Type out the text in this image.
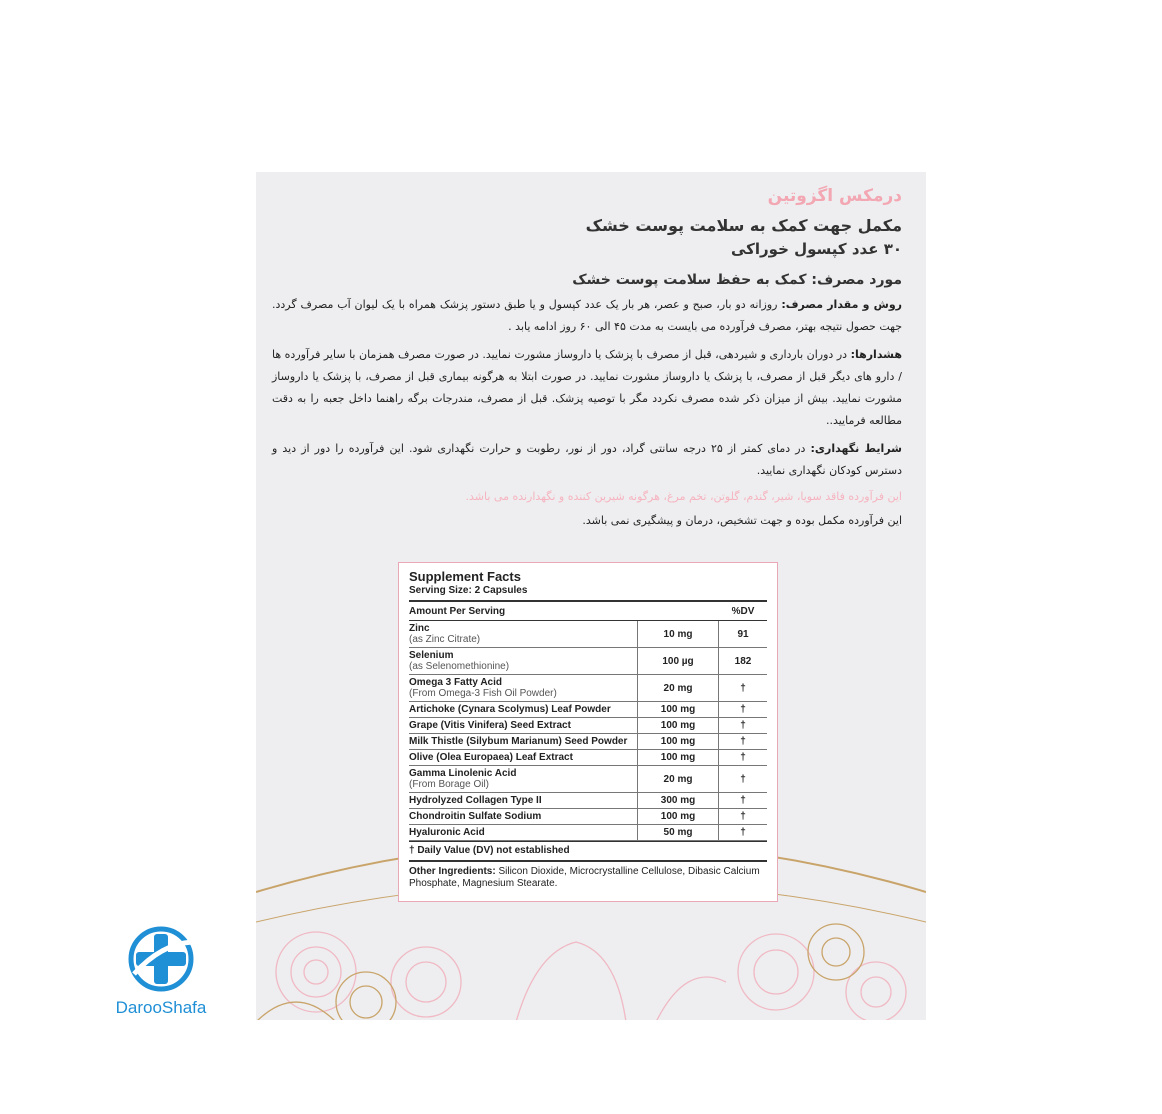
درمکس اگزوتین
مکمل جهت کمک به سلامت پوست خشک
۳۰ عدد کپسول خوراکی
مورد مصرف: کمک به حفظ سلامت پوست خشک
روش و مقدار مصرف: روزانه دو بار، صبح و عصر، هر بار یک عدد کپسول و یا طبق دستور پزشک همراه با یک لیوان آب مصرف گردد. جهت حصول نتیجه بهتر، مصرف فرآورده می بایست به مدت ۴۵ الی ۶۰ روز ادامه یابد .
هشدارها: در دوران بارداری و شیردهی، قبل از مصرف با پزشک یا داروساز مشورت نمایید. در صورت مصرف همزمان با سایر فرآورده ها / دارو های دیگر قبل از مصرف، با پزشک یا داروساز مشورت نمایید. در صورت ابتلا به هرگونه بیماری قبل از مصرف، با پزشک یا داروساز مشورت نمایید. بیش از میزان ذکر شده مصرف نکردد مگر با توصیه پزشک. قبل از مصرف، مندرجات برگه راهنما داخل جعبه را به دقت مطالعه فرمایید..
شرایط نگهداری: در دمای کمتر از ۲۵ درجه سانتی گراد، دور از نور، رطوبت و حرارت نگهداری شود. این فرآورده را دور از دید و دسترس کودکان نگهداری نمایید.
این فرآورده فاقد سویا، شیر، گندم، گلوتن، تخم مرغ، هرگونه شیرین کننده و نگهدارنده می باشد.
این فرآورده مکمل بوده و جهت تشخیص، درمان و پیشگیری نمی باشد.
Supplement Facts
Serving Size: 2 Capsules
Amount Per Serving	%DV
Zinc
(as Zinc Citrate)	10 mg	91
Selenium
(as Selenomethionine)	100 µg	182
Omega 3 Fatty Acid
(From Omega-3 Fish Oil Powder)	20 mg	†
Artichoke (Cynara Scolymus) Leaf Powder	100 mg	†
Grape (Vitis Vinifera) Seed Extract	100 mg	†
Milk Thistle (Silybum Marianum) Seed Powder	100 mg	†
Olive (Olea Europaea) Leaf Extract	100 mg	†
Gamma Linolenic Acid
(From Borage Oil)	20 mg	†
Hydrolyzed Collagen Type II	300 mg	†
Chondroitin Sulfate Sodium	100 mg	†
Hyaluronic Acid	50 mg	†
† Daily Value (DV) not established
Other Ingredients: Silicon Dioxide, Microcrystalline Cellulose, Dibasic Calcium Phosphate, Magnesium Stearate.
DarooShafa
